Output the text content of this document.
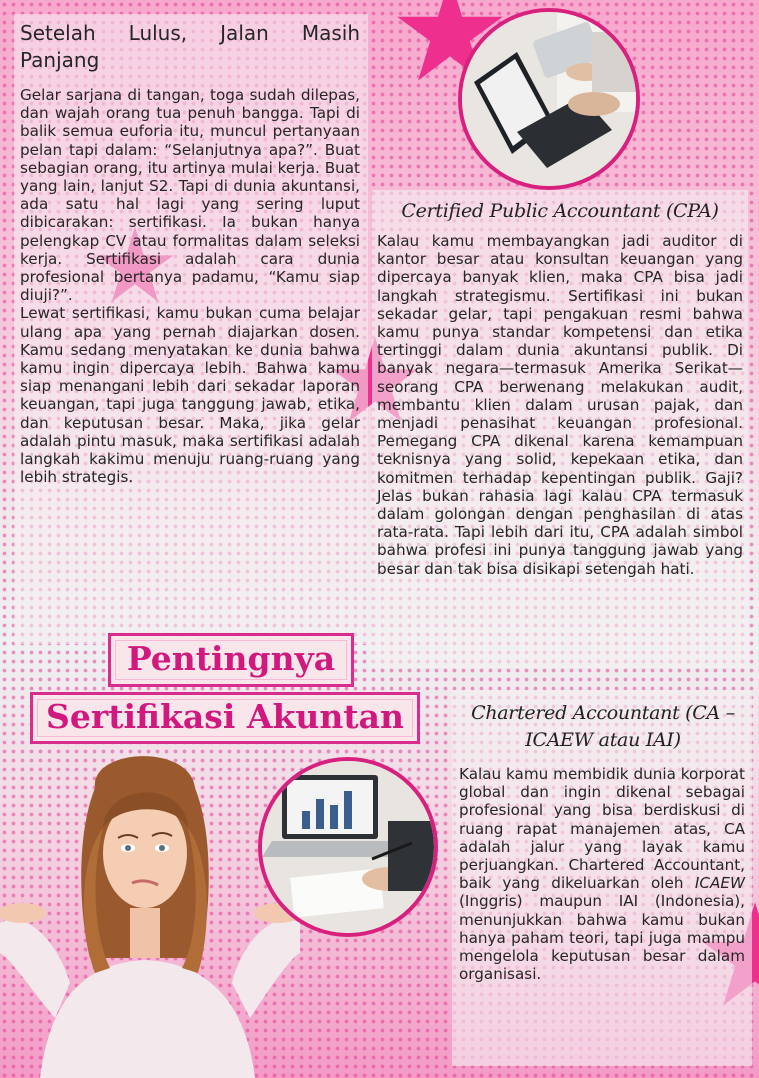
Setelah Lulus, Jalan Masih Panjang

Gelar sarjana di tangan, toga sudah dilepas, dan wajah orang tua penuh bangga. Tapi di balik semua euforia itu, muncul pertanyaan pelan tapi dalam: “Selanjutnya apa?”. Buat sebagian orang, itu artinya mulai kerja. Buat yang lain, lanjut S2. Tapi di dunia akuntansi, ada satu hal lagi yang sering luput dibicarakan: sertifikasi. Ia bukan hanya pelengkap CV atau formalitas dalam seleksi kerja. Sertifikasi adalah cara dunia profesional bertanya padamu, “Kamu siap diuji?”.

Lewat sertifikasi, kamu bukan cuma belajar ulang apa yang pernah diajarkan dosen. Kamu sedang menyatakan ke dunia bahwa kamu ingin dipercaya lebih. Bahwa kamu siap menangani lebih dari sekadar laporan keuangan, tapi juga tanggung jawab, etika, dan keputusan besar. Maka, jika gelar adalah pintu masuk, maka sertifikasi adalah langkah kakimu menuju ruang-ruang yang lebih strategis.

Certified Public Accountant (CPA)
Kalau kamu membayangkan jadi auditor di kantor besar atau konsultan keuangan yang dipercaya banyak klien, maka CPA bisa jadi langkah strategismu. Sertifikasi ini bukan sekadar gelar, tapi pengakuan resmi bahwa kamu punya standar kompetensi dan etika tertinggi dalam dunia akuntansi publik. Di banyak negara—termasuk Amerika Serikat—seorang CPA berwenang melakukan audit, membantu klien dalam urusan pajak, dan menjadi penasihat keuangan profesional. Pemegang CPA dikenal karena kemampuan teknisnya yang solid, kepekaan etika, dan komitmen terhadap kepentingan publik. Gaji? Jelas bukan rahasia lagi kalau CPA termasuk dalam golongan dengan penghasilan di atas rata-rata. Tapi lebih dari itu, CPA adalah simbol bahwa profesi ini punya tanggung jawab yang besar dan tak bisa disikapi setengah hati.
Pentingnya
Sertifikasi Akuntan	Chartered Accountant (CA –
ICAEW atau IAI)
Kalau kamu membidik dunia korporat global dan ingin dikenal sebagai profesional yang bisa berdiskusi di ruang rapat manajemen atas, CA adalah jalur yang layak kamu perjuangkan. Chartered Accountant, baik yang dikeluarkan oleh ICAEW (Inggris) maupun IAI (Indonesia), menunjukkan bahwa kamu bukan hanya paham teori, tapi juga mampu mengelola keputusan besar dalam organisasi.
